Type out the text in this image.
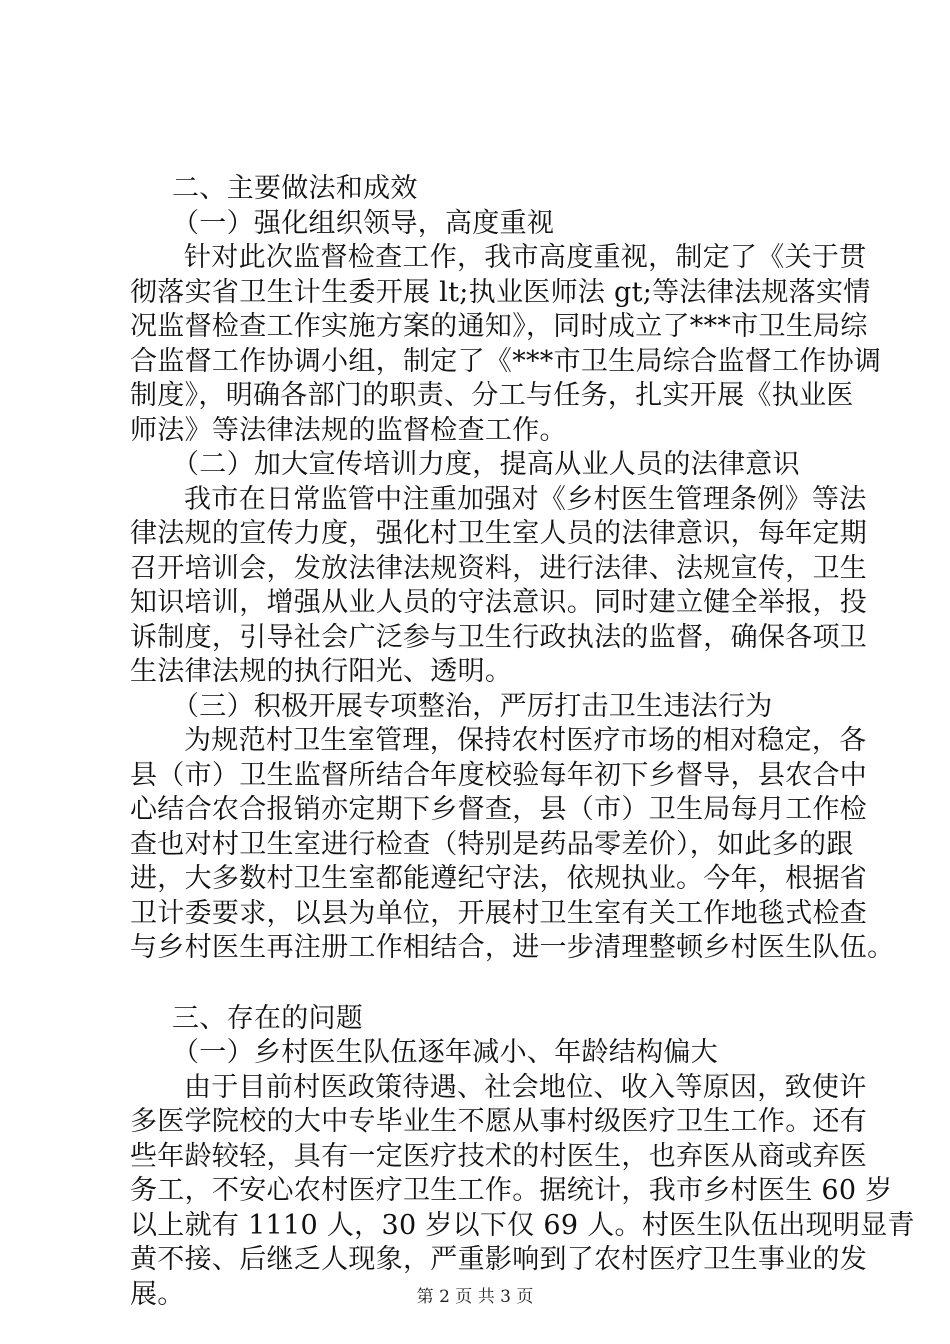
二、主要做法和成效
（一）强化组织领导，高度重视
针对此次监督检查工作，我市高度重视，制定了《关于贯
彻落实省卫生计生委开展 lt;执业医师法 gt;等法律法规落实情
况监督检查工作实施方案的通知》，同时成立了***市卫生局综
合监督工作协调小组，制定了《***市卫生局综合监督工作协调
制度》，明确各部门的职责、分工与任务，扎实开展《执业医
师法》等法律法规的监督检查工作。
（二）加大宣传培训力度，提高从业人员的法律意识
我市在日常监管中注重加强对《乡村医生管理条例》等法
律法规的宣传力度，强化村卫生室人员的法律意识，每年定期
召开培训会，发放法律法规资料，进行法律、法规宣传，卫生
知识培训，增强从业人员的守法意识。同时建立健全举报，投
诉制度，引导社会广泛参与卫生行政执法的监督，确保各项卫
生法律法规的执行阳光、透明。
（三）积极开展专项整治，严厉打击卫生违法行为
为规范村卫生室管理，保持农村医疗市场的相对稳定，各
县（市）卫生监督所结合年度校验每年初下乡督导，县农合中
心结合农合报销亦定期下乡督查，县（市）卫生局每月工作检
查也对村卫生室进行检查（特别是药品零差价），如此多的跟
进，大多数村卫生室都能遵纪守法，依规执业。今年，根据省
卫计委要求，以县为单位，开展村卫生室有关工作地毯式检查
与乡村医生再注册工作相结合，进一步清理整顿乡村医生队伍。
三、存在的问题
（一）乡村医生队伍逐年减小、年龄结构偏大
由于目前村医政策待遇、社会地位、收入等原因，致使许
多医学院校的大中专毕业生不愿从事村级医疗卫生工作。还有
些年龄较轻，具有一定医疗技术的村医生，也弃医从商或弃医
务工，不安心农村医疗卫生工作。据统计，我市乡村医生 60 岁
以上就有 1110 人，30 岁以下仅 69 人。村医生队伍出现明显青
黄不接、后继乏人现象，严重影响到了农村医疗卫生事业的发
展。	第 2 页 共 3 页
